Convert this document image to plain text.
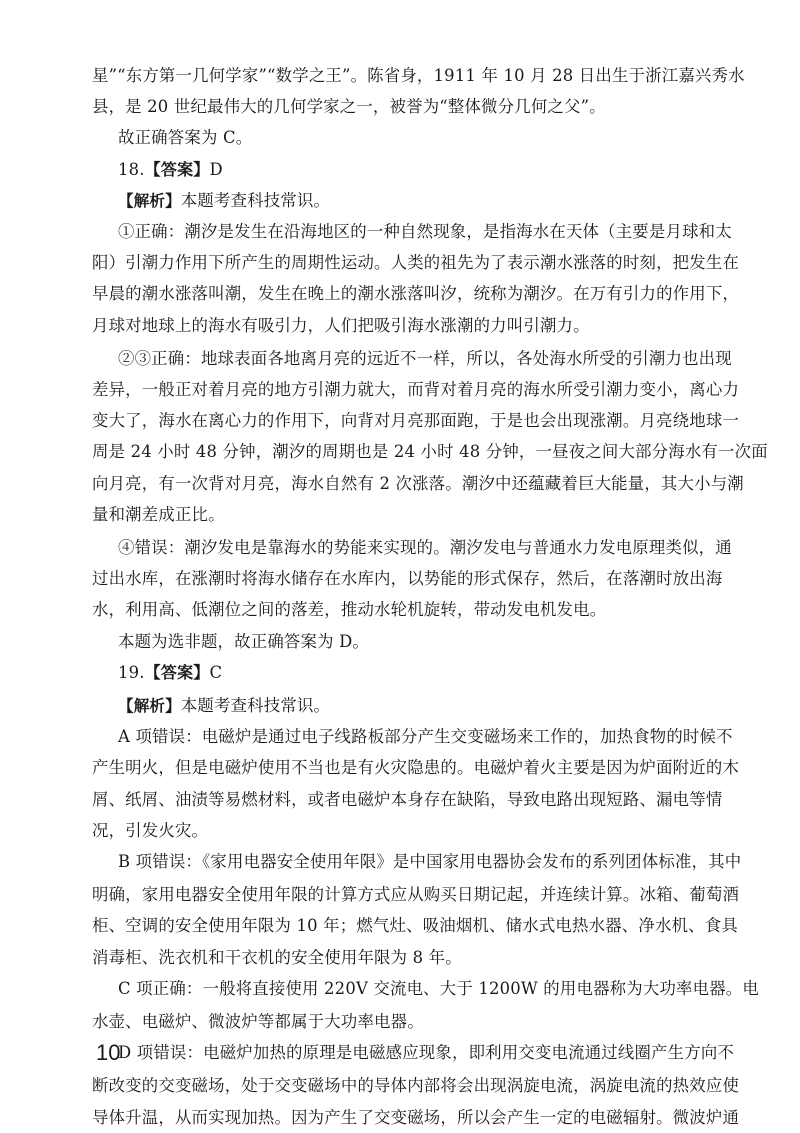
星”“东方第一几何学家”“数学之王”。陈省身，1911 年 10 月 28 日出生于浙江嘉兴秀水
县，是 20 世纪最伟大的几何学家之一，被誉为“整体微分几何之父”。
故正确答案为 C。
18.【答案】D
【解析】本题考查科技常识。
①正确：潮汐是发生在沿海地区的一种自然现象，是指海水在天体（主要是月球和太
阳）引潮力作用下所产生的周期性运动。人类的祖先为了表示潮水涨落的时刻，把发生在
早晨的潮水涨落叫潮，发生在晚上的潮水涨落叫汐，统称为潮汐。在万有引力的作用下，
月球对地球上的海水有吸引力，人们把吸引海水涨潮的力叫引潮力。
②③正确：地球表面各地离月亮的远近不一样，所以，各处海水所受的引潮力也出现
差异，一般正对着月亮的地方引潮力就大，而背对着月亮的海水所受引潮力变小，离心力
变大了，海水在离心力的作用下，向背对月亮那面跑，于是也会出现涨潮。月亮绕地球一
周是 24 小时 48 分钟，潮汐的周期也是 24 小时 48 分钟，一昼夜之间大部分海水有一次面
向月亮，有一次背对月亮，海水自然有 2 次涨落。潮汐中还蕴藏着巨大能量，其大小与潮
量和潮差成正比。
④错误：潮汐发电是靠海水的势能来实现的。潮汐发电与普通水力发电原理类似，通
过出水库，在涨潮时将海水储存在水库内，以势能的形式保存，然后，在落潮时放出海
水，利用高、低潮位之间的落差，推动水轮机旋转，带动发电机发电。
本题为选非题，故正确答案为 D。
19.【答案】C
【解析】本题考查科技常识。
A 项错误：电磁炉是通过电子线路板部分产生交变磁场来工作的，加热食物的时候不
产生明火，但是电磁炉使用不当也是有火灾隐患的。电磁炉着火主要是因为炉面附近的木
屑、纸屑、油渍等易燃材料，或者电磁炉本身存在缺陷，导致电路出现短路、漏电等情
况，引发火灾。
B 项错误：《家用电器安全使用年限》是中国家用电器协会发布的系列团体标准，其中
明确，家用电器安全使用年限的计算方式应从购买日期记起，并连续计算。冰箱、葡萄酒
柜、空调的安全使用年限为 10 年；燃气灶、吸油烟机、储水式电热水器、净水机、食具
消毒柜、洗衣机和干衣机的安全使用年限为 8 年。
C 项正确：一般将直接使用 220V 交流电、大于 1200W 的用电器称为大功率电器。电
水壶、电磁炉、微波炉等都属于大功率电器。
D 项错误：电磁炉加热的原理是电磁感应现象，即利用交变电流通过线圈产生方向不
断改变的交变磁场，处于交变磁场中的导体内部将会出现涡旋电流，涡旋电流的热效应使
导体升温，从而实现加热。因为产生了交变磁场，所以会产生一定的电磁辐射。微波炉通
10
